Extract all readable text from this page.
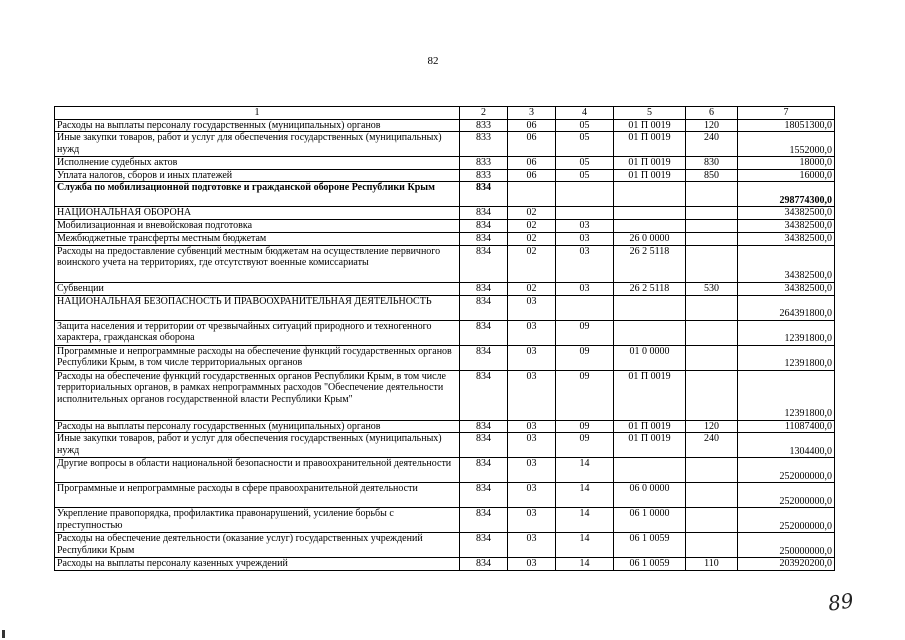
82
1	2	3	4	5	6	7
Расходы на выплаты персоналу государственных (муниципальных) органов	833	06	05	01 П 0019	120	18051300,0
Иные закупки товаров, работ и услуг для обеспечения государственных (муниципальных) нужд	833	06	05	01 П 0019	240	1552000,0
Исполнение судебных актов	833	06	05	01 П 0019	830	18000,0
Уплата налогов, сборов и иных платежей	833	06	05	01 П 0019	850	16000,0
Служба по мобилизационной подготовке и гражданской обороне Республики Крым	834					298774300,0
НАЦИОНАЛЬНАЯ ОБОРОНА	834	02				34382500,0
Мобилизационная и вневойсковая подготовка	834	02	03			34382500,0
Межбюджетные трансферты местным бюджетам	834	02	03	26 0 0000		34382500,0
Расходы на предоставление субвенций местным бюджетам на осуществление первичного воинского учета на территориях, где отсутствуют военные комиссариаты	834	02	03	26 2 5118		34382500,0
Субвенции	834	02	03	26 2 5118	530	34382500,0
НАЦИОНАЛЬНАЯ БЕЗОПАСНОСТЬ И ПРАВООХРАНИТЕЛЬНАЯ ДЕЯТЕЛЬНОСТЬ	834	03				264391800,0
Защита населения и территории от чрезвычайных ситуаций природного и техногенного характера, гражданская оборона	834	03	09			12391800,0
Программные и непрограммные расходы на обеспечение функций государственных органов Республики Крым, в том числе территориальных органов	834	03	09	01 0 0000		12391800,0
Расходы на обеспечение функций государственных органов Республики Крым, в том числе территориальных органов, в рамках непрограммных расходов "Обеспечение деятельности исполнительных органов государственной власти Республики Крым"	834	03	09	01 П 0019		12391800,0
Расходы на выплаты персоналу государственных (муниципальных) органов	834	03	09	01 П 0019	120	11087400,0
Иные закупки товаров, работ и услуг для обеспечения государственных (муниципальных) нужд	834	03	09	01 П 0019	240	1304400,0
Другие вопросы в области национальной безопасности и правоохранительной деятельности	834	03	14			252000000,0
Программные и непрограммные расходы в сфере правоохранительной деятельности	834	03	14	06 0 0000		252000000,0
Укрепление правопорядка, профилактика правонарушений, усиление борьбы с преступностью	834	03	14	06 1 0000		252000000,0
Расходы на обеспечение деятельности (оказание услуг) государственных учреждений Республики Крым	834	03	14	06 1 0059		250000000,0
Расходы на выплаты персоналу казенных учреждений	834	03	14	06 1 0059	110	203920200,0
89
